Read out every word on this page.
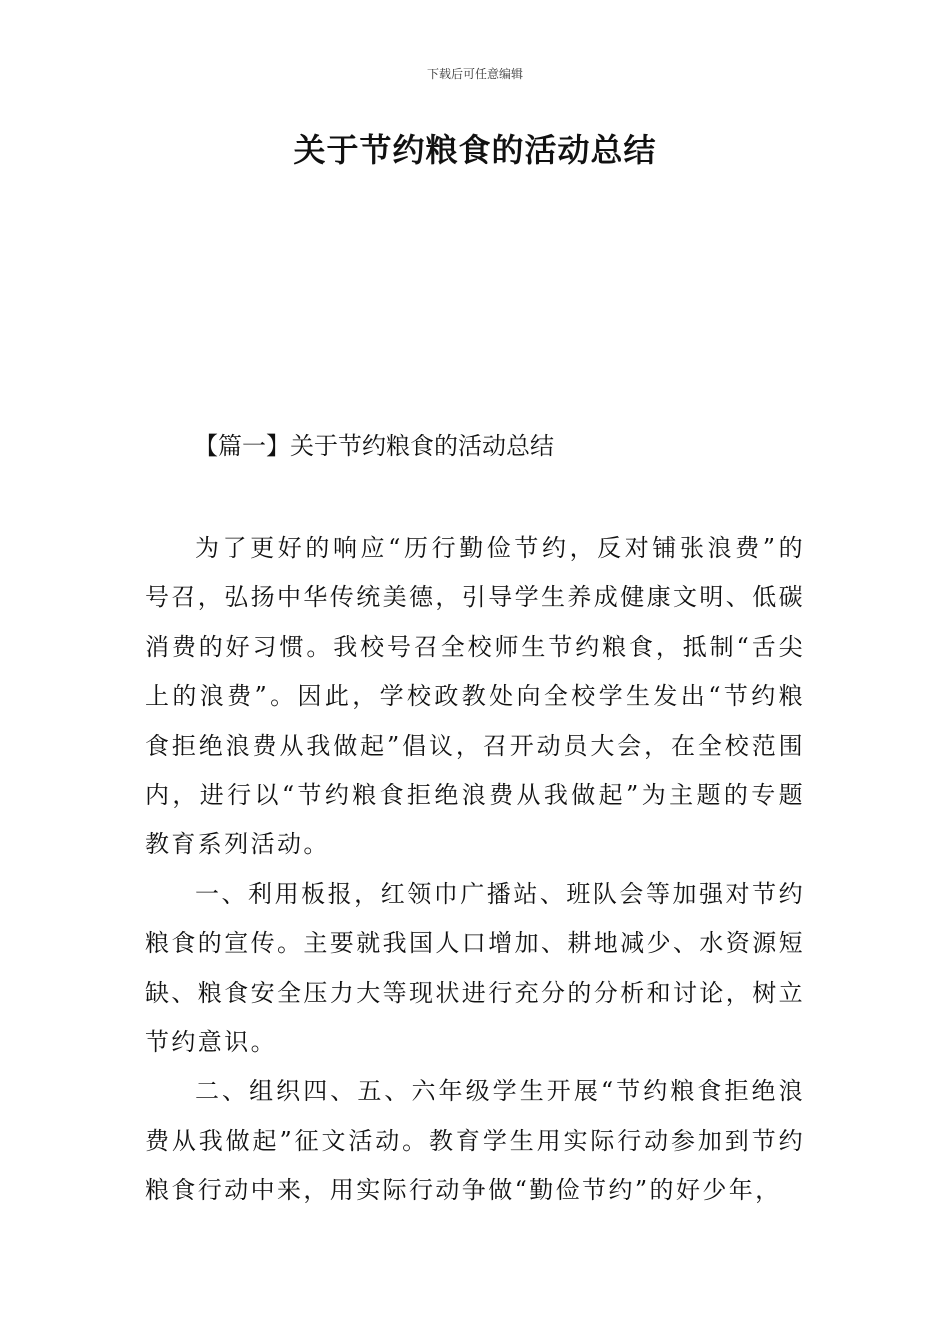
下载后可任意编辑
关于节约粮食的活动总结
【篇一】关于节约粮食的活动总结

为了更好的响应“历行勤俭节约，反对铺张浪费”的号召，弘扬中华传统美德，引导学生养成健康文明、低碳消费的好习惯。我校号召全校师生节约粮食，抵制“舌尖上的浪费”。因此，学校政教处向全校学生发出“节约粮食拒绝浪费从我做起”倡议，召开动员大会，在全校范围内，进行以“节约粮食拒绝浪费从我做起”为主题的专题教育系列活动。

一、利用板报，红领巾广播站、班队会等加强对节约粮食的宣传。主要就我国人口增加、耕地减少、水资源短缺、粮食安全压力大等现状进行充分的分析和讨论，树立节约意识。

二、组织四、五、六年级学生开展“节约粮食拒绝浪费从我做起”征文活动。教育学生用实际行动参加到节约粮食行动中来，用实际行动争做“勤俭节约”的好少年，
